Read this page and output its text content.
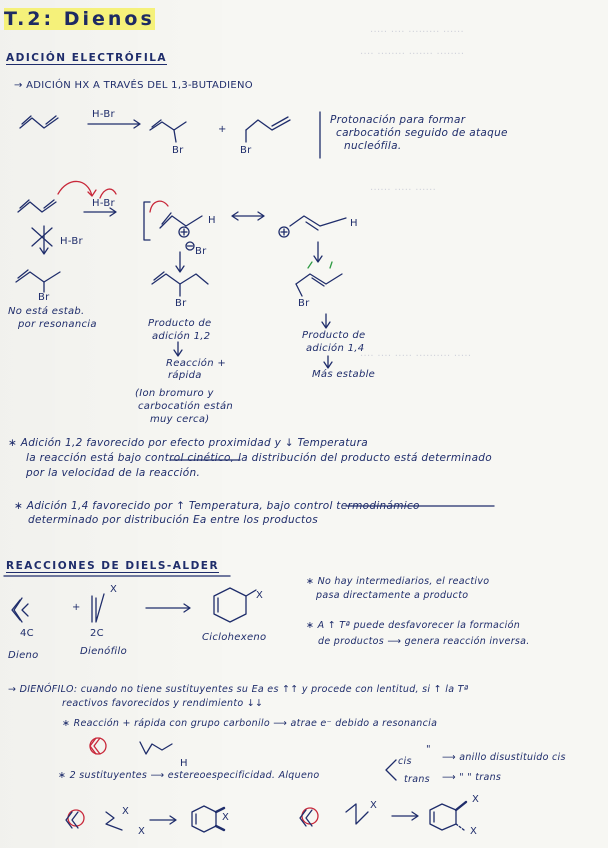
..... .... ......... ......
.... ........ ....... ........
...... ..... ......
.... .... ..... .......... .....
T.2: Dienos
ADICIÓN ELECTRÓFILA
→ ADICIÓN HX A TRAVÉS DEL 1,3-BUTADIENO
H-Br
+
Br	Br
Protonación para formar
carbocatión seguido de ataque
nucleófila.
H-Br
H-Br
H	H
Br
Br
Br	Br
No está estab.
por resonancia	Producto de
adición 1,2
Reacción +
rápida
(Ion bromuro y
carbocatión están
muy cerca)
Producto de
adición 1,4
Más estable
∗ Adición 1,2 favorecido por efecto proximidad y ↓ Temperatura
la reacción está bajo control cinético, la distribución del producto está determinado
por la velocidad de la reacción.
∗ Adición 1,4 favorecido por ↑ Temperatura, bajo control termodinámico
determinado por distribución Ea entre los productos
REACCIONES DE DIELS-ALDER
+
X
X
4C	2C
Dieno	Dienófilo
Ciclohexeno
∗ No hay intermediarios, el reactivo
pasa directamente a producto
∗ A ↑ Tª puede desfavorecer la formación
de productos ⟶ genera reacción inversa.
→ DIENÓFILO: cuando no tiene sustituyentes su Ea es ↑↑ y procede con lentitud, si ↑ la Tª
reactivos favorecidos y rendimiento ↓↓
∗ Reacción + rápida con grupo carbonilo ⟶ atrae e⁻ debido a resonancia
H
∗ 2 sustituyentes ⟶ estereoespecificidad. Alqueno
cis
trans
⟶ anillo disustituido cis
⟶ " " trans
"
X
X
X
X
X
X
